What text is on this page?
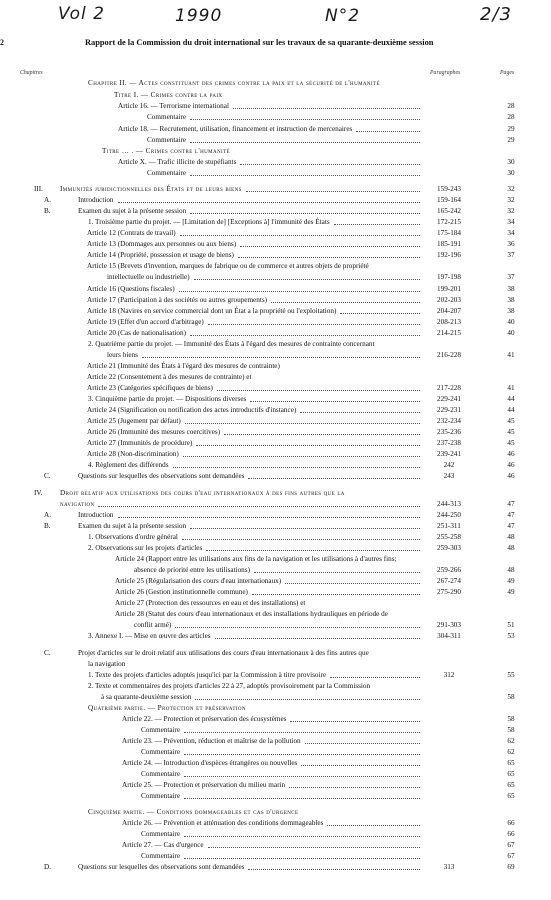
Vol 2	1990	N°2	2/3
2	Rapport de la Commission du droit international sur les travaux de sa quarante-deuxième session
Chapitres	Paragraphes	Pages
Chapitre II. — Actes constituant des crimes contre la paix et la sécurité de l'humanité
Titre I. — Crimes contre la paix
Article 16. — Terrorisme international	28
Commentaire	28
Article 18. — Recrutement, utilisation, financement et instruction de mercenaires	29
Commentaire	29
Titre … . — Crimes contre l'humanité
Article X. — Trafic illicite de stupéfiants	30
Commentaire	30
III. Immunités juridictionnelles des États et de leurs biens	159-243	32
A.	Introduction	159-164	32
B.	Examen du sujet à la présente session	165-242	32
1. Troisième partie du projet. — [Limitation de] [Exceptions à] l'immunité des États	172-215	34
Article 12 (Contrats de travail)	175-184	34
Article 13 (Dommages aux personnes ou aux biens)	185-191	36
Article 14 (Propriété, possession et usage de biens)	192-196	37
Article 15 (Brevets d'invention, marques de fabrique ou de commerce et autres objets de propriété
intellectuelle ou industrielle)	197-198	37
Article 16 (Questions fiscales)	199-201	38
Article 17 (Participation à des sociétés ou autres groupements)	202-203	38
Article 18 (Navires en service commercial dont un État a la propriété ou l'exploitation)	204-207	38
Article 19 (Effet d'un accord d'arbitrage)	208-213	40
Article 20 (Cas de nationalisation)	214-215	40
2. Quatrième partie du projet. — Immunité des États à l'égard des mesures de contrainte concernant
leurs biens	216-228	41
Article 21 (Immunité des États à l'égard des mesures de contrainte)
Article 22 (Consentement à des mesures de contrainte) et
Article 23 (Catégories spécifiques de biens)	217-228	41
3. Cinquième partie du projet. — Dispositions diverses	229-241	44
Article 24 (Signification ou notification des actes introductifs d'instance)	229-231	44
Article 25 (Jugement par défaut)	232-234	45
Article 26 (Immunité des mesures coercitives)	235-236	45
Article 27 (Immunités de procédure)	237-238	45
Article 28 (Non-discrimination)	239-241	46
4. Règlement des différends	242	46
C.	Questions sur lesquelles des observations sont demandées	243	46
IV. Droit relatif aux utilisations des cours d'eau internationaux à des fins autres que la
navigation	244-313	47
A.	Introduction	244-250	47
B.	Examen du sujet à la présente session	251-311	47
1. Observations d'ordre général	255-258	48
2. Observations sur les projets d'articles	259-303	48
Article 24 (Rapport entre les utilisations aux fins de la navigation et les utilisations à d'autres fins;
absence de priorité entre les utilisations)	259-266	48
Article 25 (Régularisation des cours d'eau internationaux)	267-274	49
Article 26 (Gestion institutionnelle commune)	275-290	49
Article 27 (Protection des ressources en eau et des installations) et
Article 28 (Statut des cours d'eau internationaux et des installations hydrauliques en période de
conflit armé)	291-303	51
3. Annexe I. — Mise en œuvre des articles	304-311	53
C.	Projet d'articles sur le droit relatif aux utilisations des cours d'eau internationaux à des fins autres que
la navigation
1. Texte des projets d'articles adoptés jusqu'ici par la Commission à titre provisoire	312	55
2. Texte et commentaires des projets d'articles 22 à 27, adoptés provisoirement par la Commission
à sa quarante-deuxième session	58
Quatrième partie. — Protection et préservation
Article 22. — Protection et préservation des écosystèmes	58
Commentaire	58
Article 23. — Prévention, réduction et maîtrise de la pollution	62
Commentaire	62
Article 24. — Introduction d'espèces étrangères ou nouvelles	65
Commentaire	65
Article 25. — Protection et préservation du milieu marin	65
Commentaire	65
Cinquième partie. — Conditions dommageables et cas d'urgence
Article 26. — Prévention et atténuation des conditions dommageables	66
Commentaire	66
Article 27. — Cas d'urgence	67
Commentaire	67
D.	Questions sur lesquelles des observations sont demandées	313	69
